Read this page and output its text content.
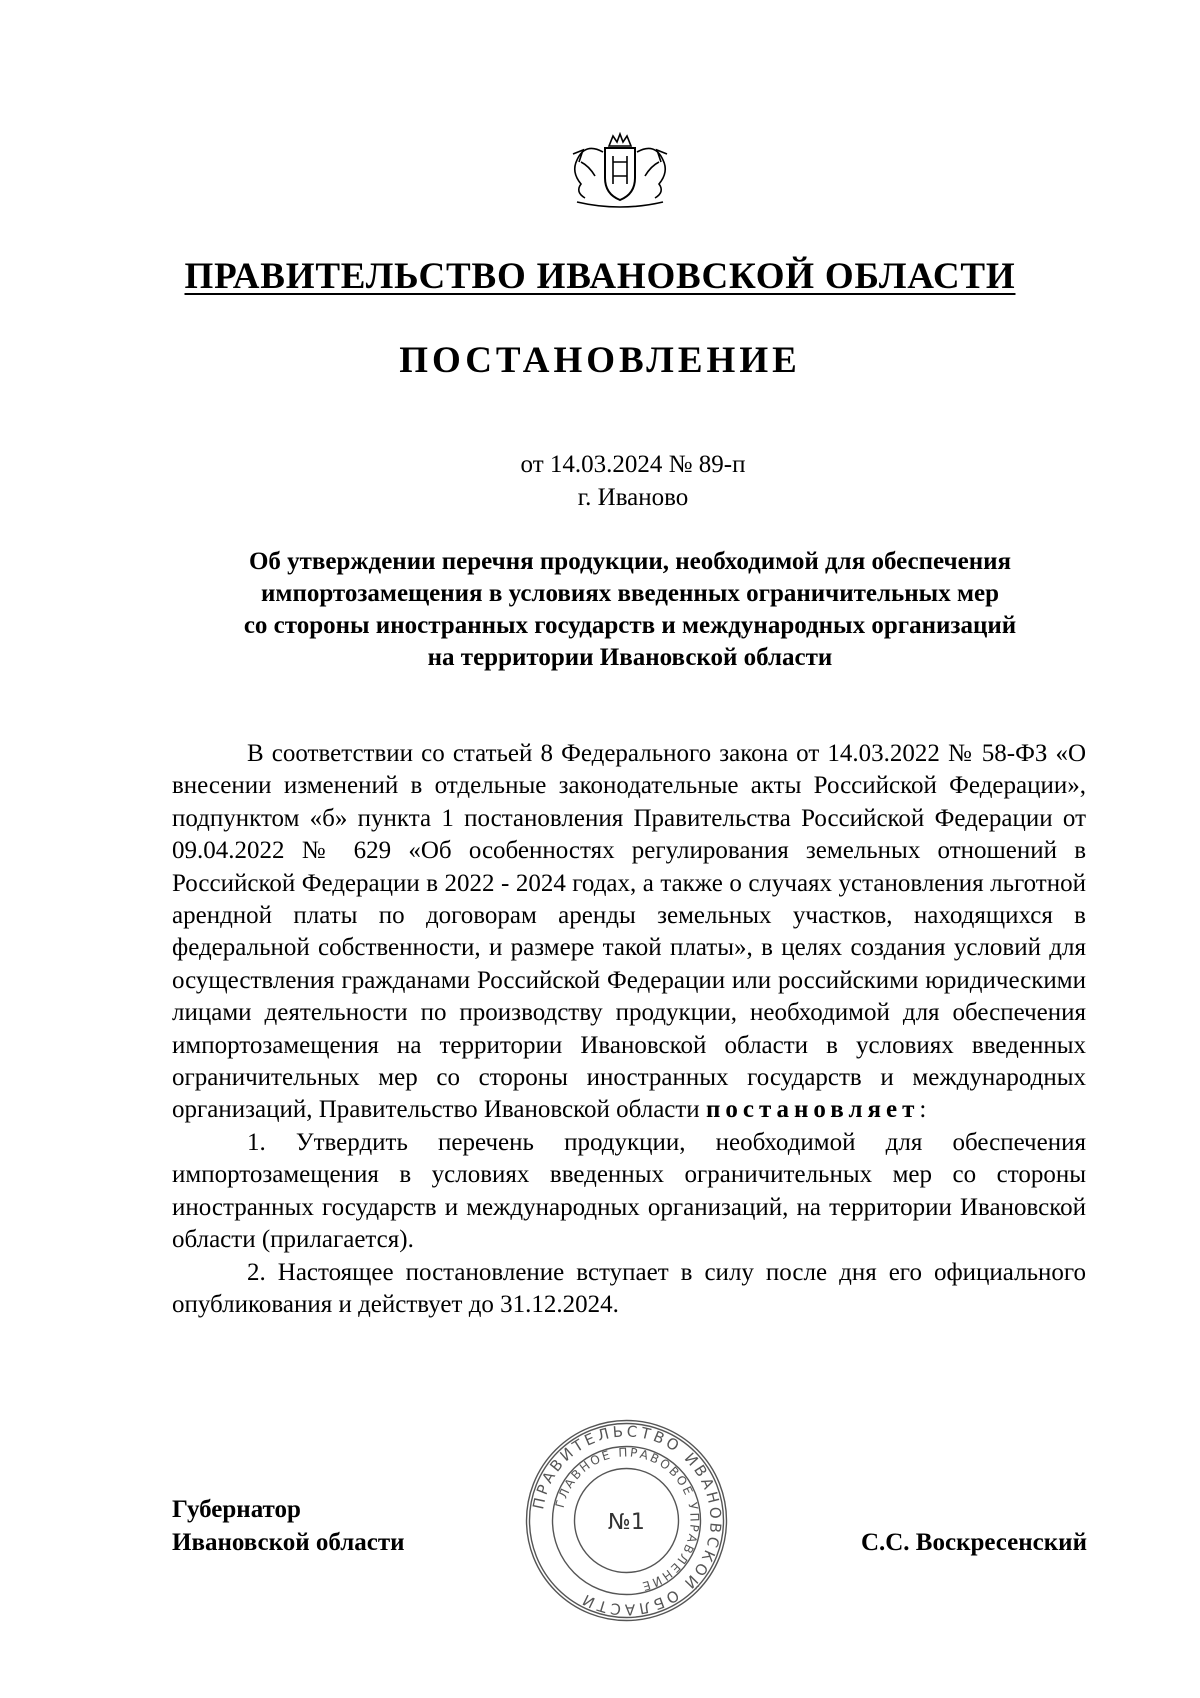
ПРАВИТЕЛЬСТВО ИВАНОВСКОЙ ОБЛАСТИ
ПОСТАНОВЛЕНИЕ
от 14.03.2024 № 89-п
г. Иваново
Об утверждении перечня продукции, необходимой для обеспечения
импортозамещения в условиях введенных ограничительных мер
со стороны иностранных государств и международных организаций
на территории Ивановской области

В соответствии со статьей 8 Федерального закона от 14.03.2022 № 58-ФЗ «О внесении изменений в отдельные законодательные акты Российской Федерации», подпунктом «б» пункта 1 постановления Правительства Российской Федерации от 09.04.2022 № 629 «Об особенностях регулирования земельных отношений в Российской Федерации в 2022 - 2024 годах, а также о случаях установления льготной арендной платы по договорам аренды земельных участков, находящихся в федеральной собственности, и размере такой платы», в целях создания условий для осуществления гражданами Российской Федерации или российскими юридическими лицами деятельности по производству продукции, необходимой для обеспечения импортозамещения на территории Ивановской области в условиях введенных ограничительных мер со стороны иностранных государств и международных организаций, Правительство Ивановской области постановляет:

1. Утвердить перечень продукции, необходимой для обеспечения импортозамещения в условиях введенных ограничительных мер со стороны иностранных государств и международных организаций, на территории Ивановской области (прилагается).

2. Настоящее постановление вступает в силу после дня его официального опубликования и действует до 31.12.2024.

Губернатор
Ивановской области	С.С. Воскресенский
ПРАВИТЕЛЬСТВО ИВАНОВСКОЙ ОБЛАСТИ
ГЛАВНОЕ ПРАВОВОЕ УПРАВЛЕНИЕ
№1
